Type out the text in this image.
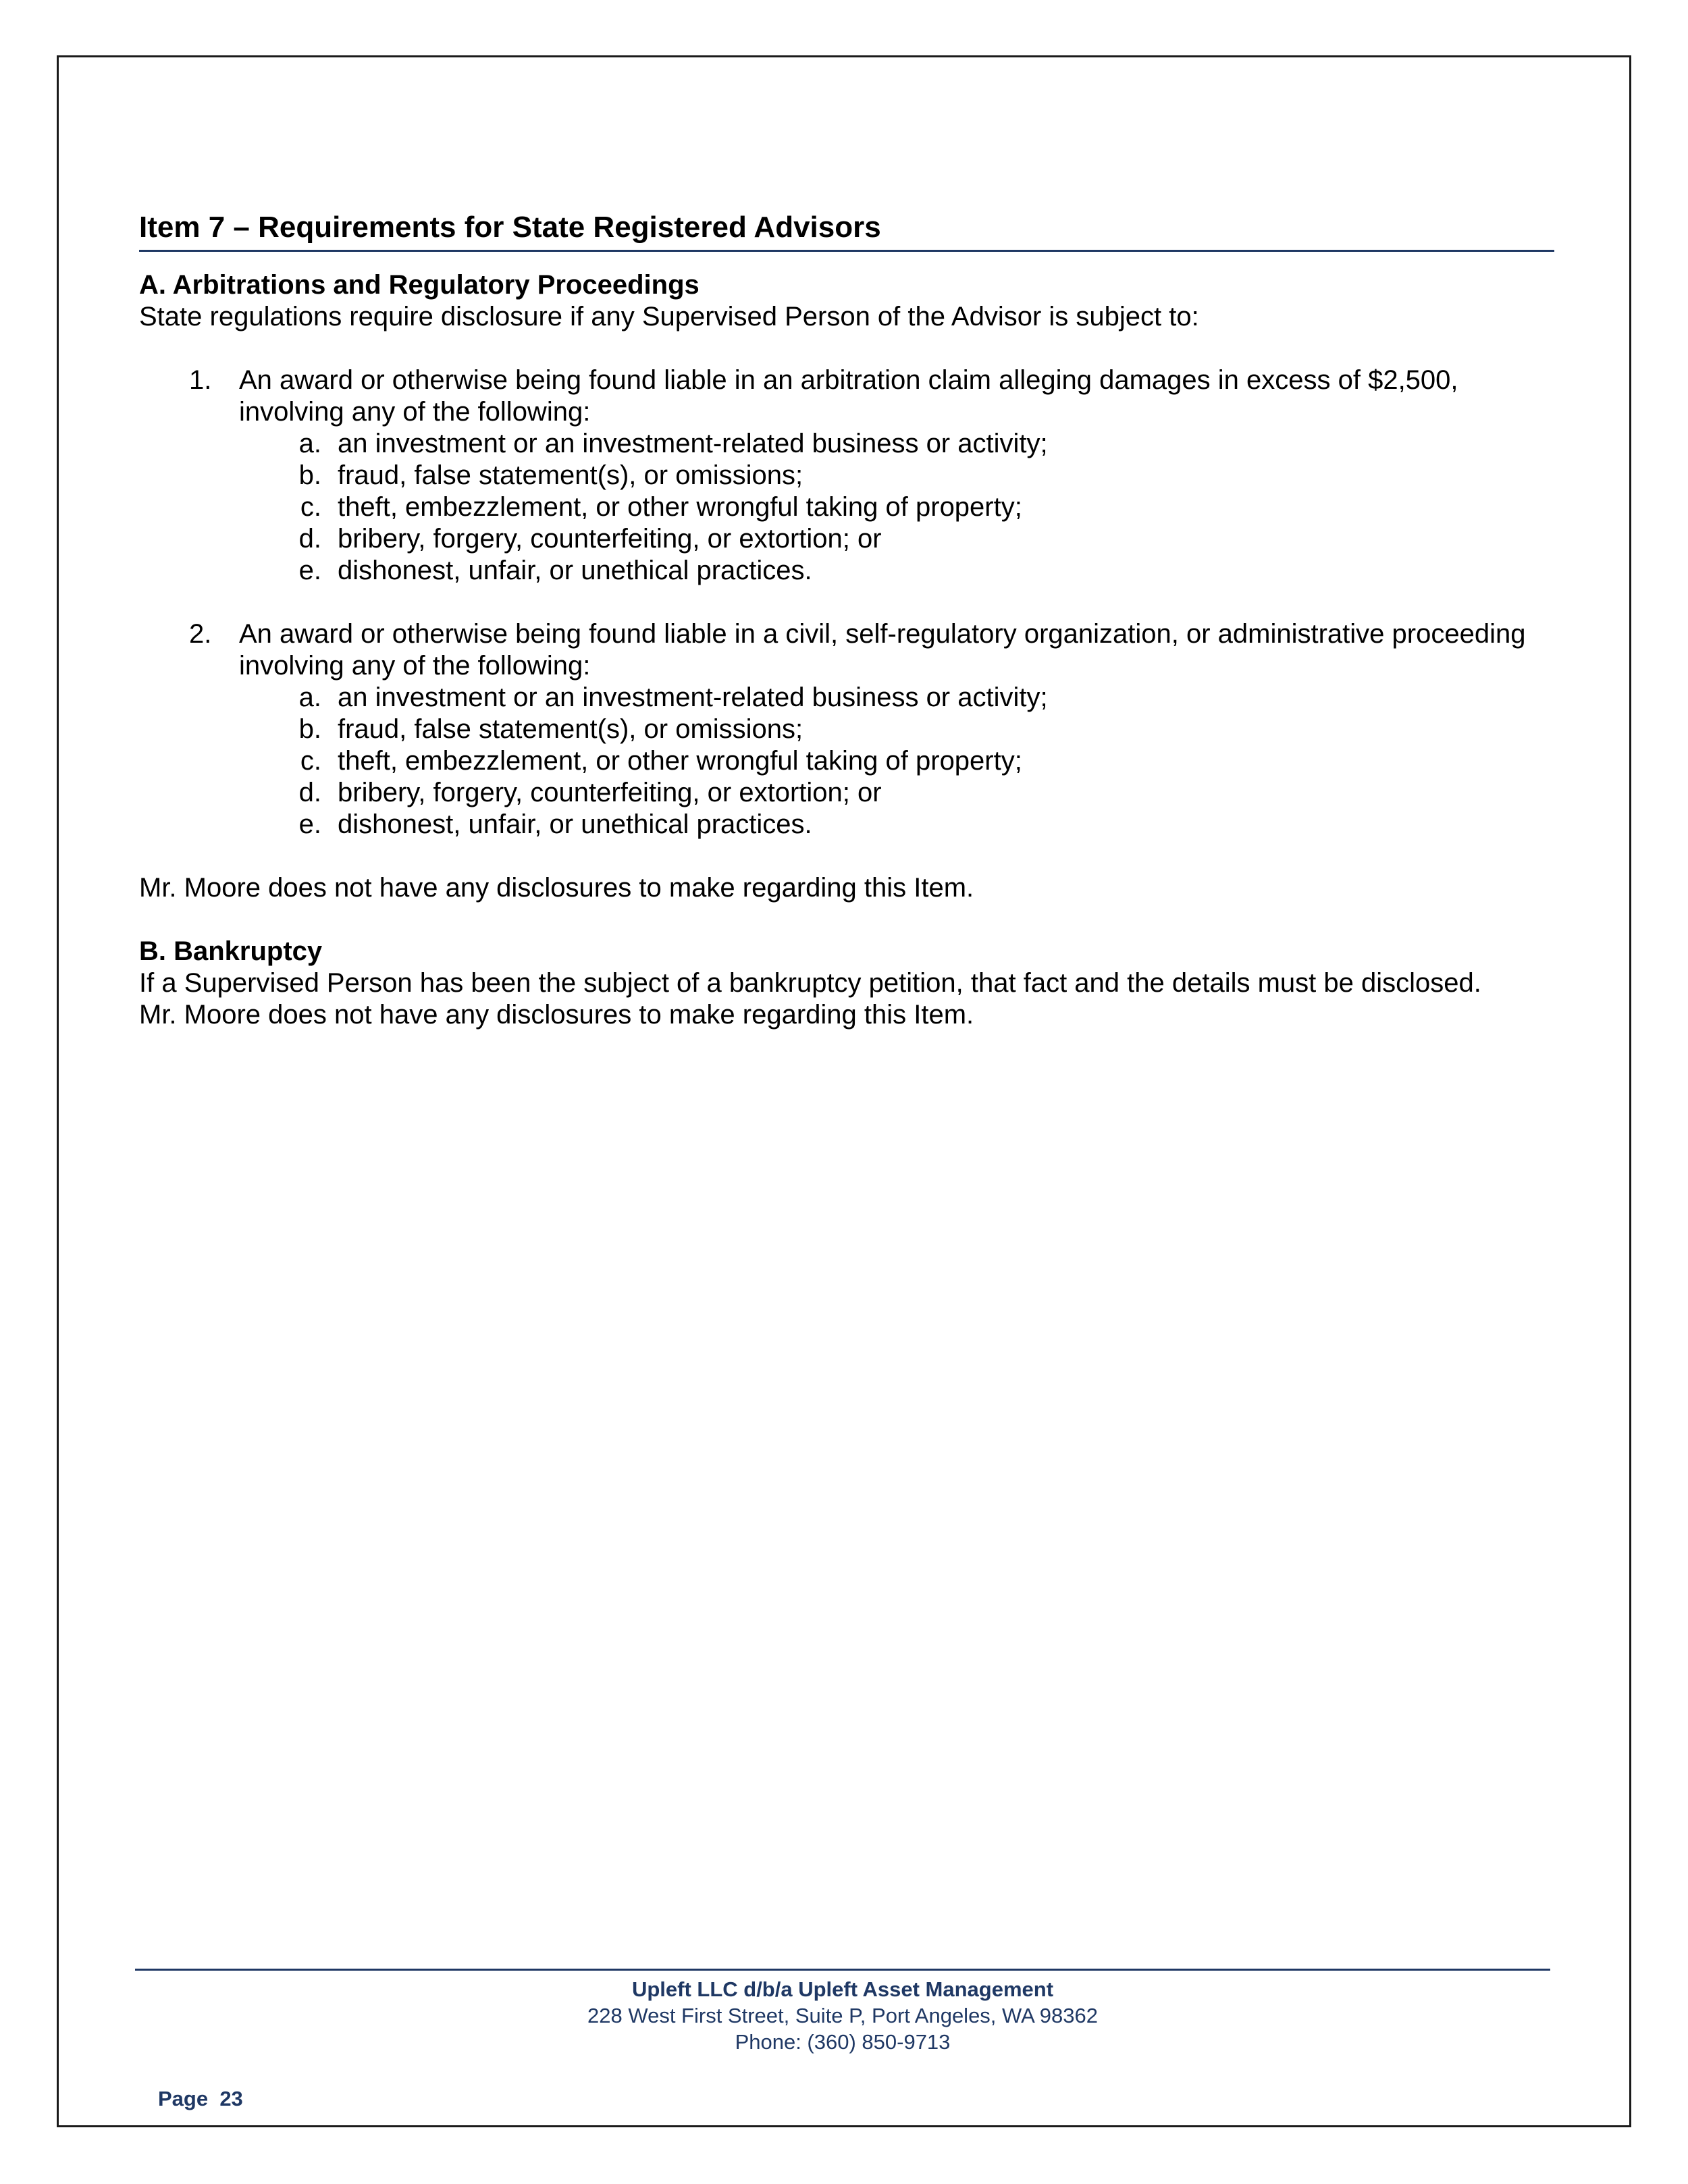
Item 7 – Requirements for State Registered Advisors
A. Arbitrations and Regulatory Proceedings

State regulations require disclosure if any Supervised Person of the Advisor is subject to:

1.	An award or otherwise being found liable in an arbitration claim alleging damages in excess of $2,500, involving any of the following:
a. an investment or an investment-related business or activity;
b. fraud, false statement(s), or omissions;
c. theft, embezzlement, or other wrongful taking of property;
d. bribery, forgery, counterfeiting, or extortion; or
e. dishonest, unfair, or unethical practices.
2.	An award or otherwise being found liable in a civil, self-regulatory organization, or administrative proceeding involving any of the following:
a. an investment or an investment-related business or activity;
b. fraud, false statement(s), or omissions;
c. theft, embezzlement, or other wrongful taking of property;
d. bribery, forgery, counterfeiting, or extortion; or
e. dishonest, unfair, or unethical practices.

Mr. Moore does not have any disclosures to make regarding this Item.

B. Bankruptcy

If a Supervised Person has been the subject of a bankruptcy petition, that fact and the details must be disclosed.

Mr. Moore does not have any disclosures to make regarding this Item.

Upleft LLC d/b/a Upleft Asset Management
228 West First Street, Suite P, Port Angeles, WA 98362
Phone: (360) 850-9713
Page  23
